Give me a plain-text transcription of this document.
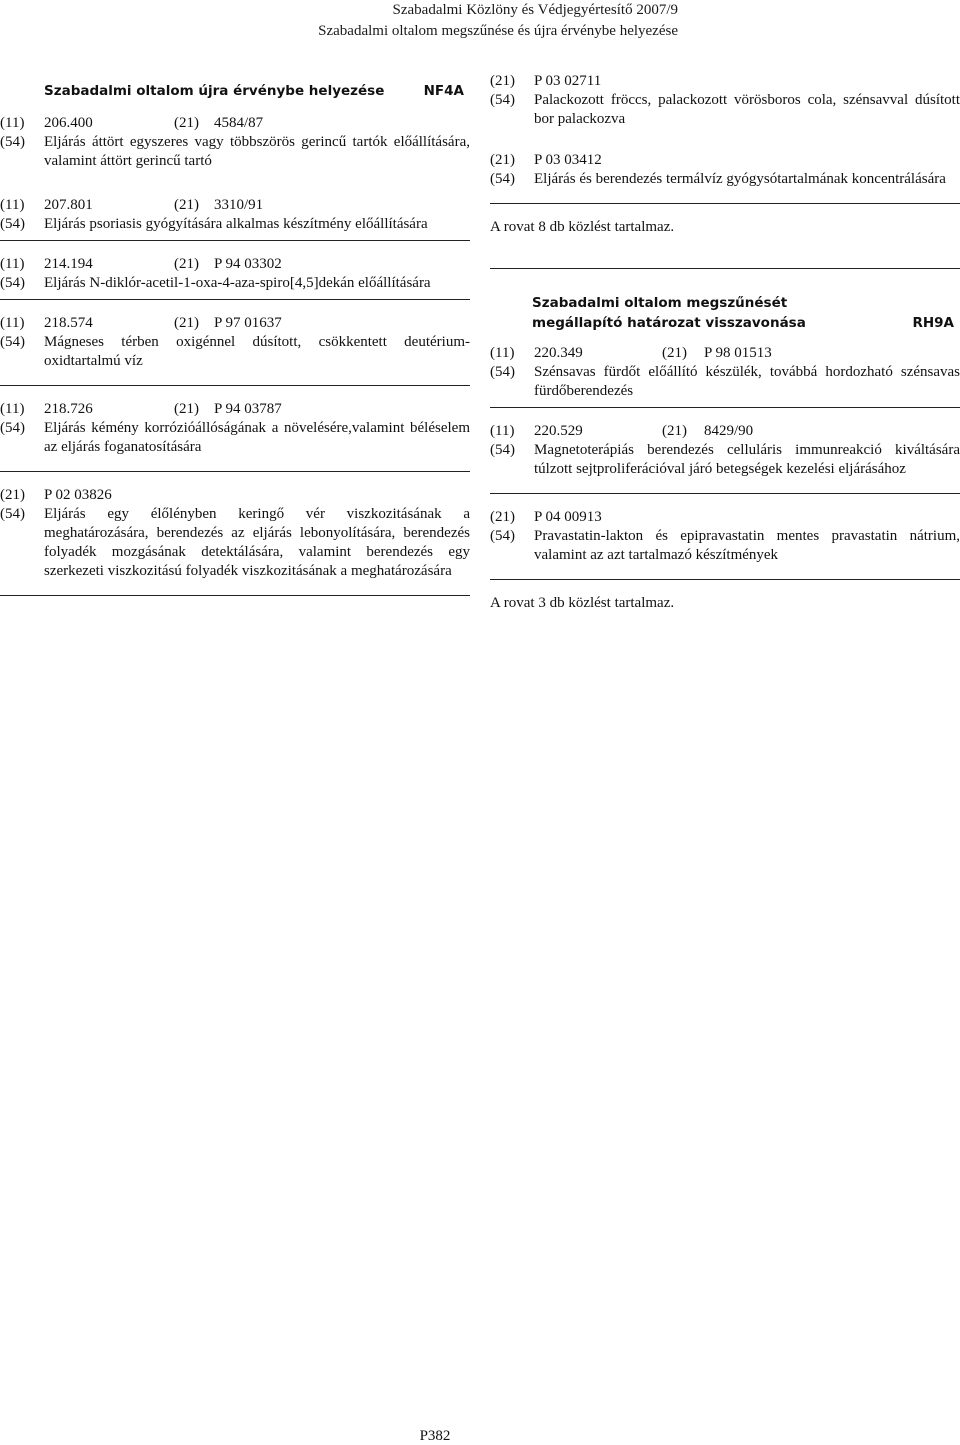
Szabadalmi Közlöny és Védjegyértesítő 2007/9
Szabadalmi oltalom megszűnése és újra érvénybe helyezése
Szabadalmi oltalom újra érvénybe helyezése	NF4A
(11) 206.400	(21) 4584/87
(54) Eljárás áttört egyszeres vagy többszörös gerincű tartók előállítására, valamint áttört gerincű tartó
(11) 207.801	(21) 3310/91
(54) Eljárás psoriasis gyógyítására alkalmas készítmény előállítására
(11) 214.194	(21) P 94 03302
(54) Eljárás N-diklór-acetil-1-oxa-4-aza-spiro[4,5]dekán előállítására
(11) 218.574	(21) P 97 01637
(54) Mágneses térben oxigénnel dúsított, csökkentett deutérium-oxidtartalmú víz
(11) 218.726	(21) P 94 03787
(54) Eljárás kémény korrózióállóságának a növelésére,valamint béléselem az eljárás foganatosítására
(21) P 02 03826
(54) Eljárás egy élőlényben keringő vér viszkozitásának a meghatározására, berendezés az eljárás lebonyolítására, berendezés folyadék mozgásának detektálására, valamint berendezés egy szerkezeti viszkozitású folyadék viszkozitásának a meghatározására
(21) P 03 02711
(54) Palackozott fröccs, palackozott vörösboros cola, szénsavval dúsított bor palackozva
(21) P 03 03412
(54) Eljárás és berendezés termálvíz gyógysótartalmának koncentrálására
A rovat 8 db közlést tartalmaz.
Szabadalmi oltalom megszűnését
megállapító határozat visszavonása	RH9A
(11) 220.349	(21) P 98 01513
(54) Szénsavas fürdőt előállító készülék, továbbá hordozható szénsavas fürdőberendezés
(11) 220.529	(21) 8429/90
(54) Magnetoterápiás berendezés celluláris immunreakció kiváltására túlzott sejtproliferációval járó betegségek kezelési eljárásához
(21) P 04 00913
(54) Pravastatin-lakton és epipravastatin mentes pravastatin nátrium, valamint az azt tartalmazó készítmények
A rovat 3 db közlést tartalmaz.
P382
